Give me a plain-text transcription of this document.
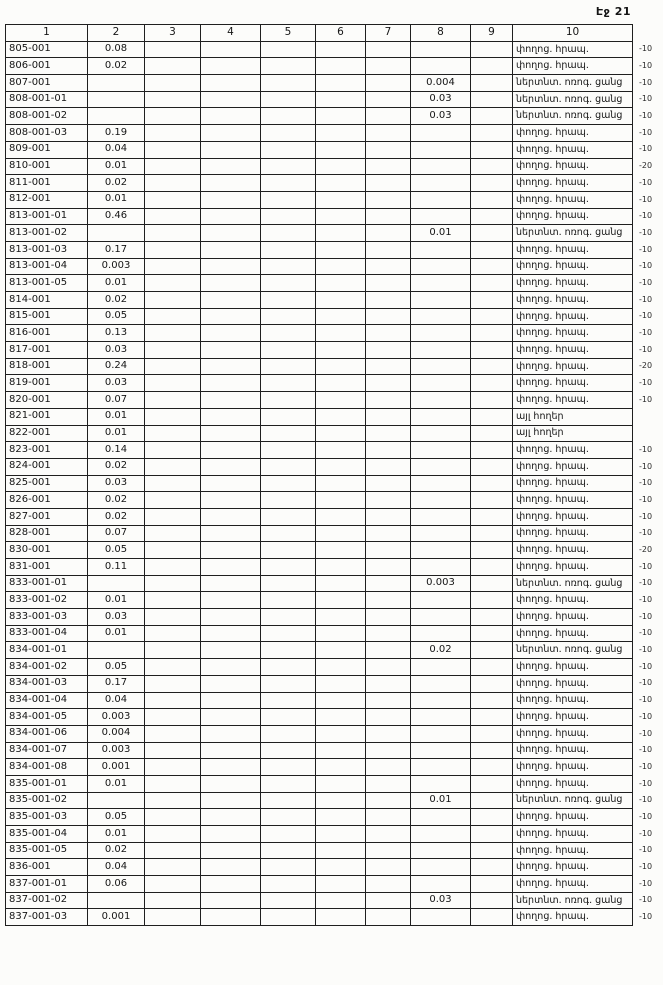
Էջ 21
1	2	3	4	5	6	7	8	9	10	
805-001	0.08								փողոց. հրապ.	-10
806-001	0.02								փողոց. հրապ.	-10
807-001							0.004		ներտնտ. ոռոգ. ցանց	-10
808-001-01							0.03		ներտնտ. ոռոգ. ցանց	-10
808-001-02							0.03		ներտնտ. ոռոգ. ցանց	-10
808-001-03	0.19								փողոց. հրապ.	-10
809-001	0.04								փողոց. հրապ.	-10
810-001	0.01								փողոց. հրապ.	-20
811-001	0.02								փողոց. հրապ.	-10
812-001	0.01								փողոց. հրապ.	-10
813-001-01	0.46								փողոց. հրապ.	-10
813-001-02							0.01		ներտնտ. ոռոգ. ցանց	-10
813-001-03	0.17								փողոց. հրապ.	-10
813-001-04	0.003								փողոց. հրապ.	-10
813-001-05	0.01								փողոց. հրապ.	-10
814-001	0.02								փողոց. հրապ.	-10
815-001	0.05								փողոց. հրապ.	-10
816-001	0.13								փողոց. հրապ.	-10
817-001	0.03								փողոց. հրապ.	-10
818-001	0.24								փողոց. հրապ.	-20
819-001	0.03								փողոց. հրապ.	-10
820-001	0.07								փողոց. հրապ.	-10
821-001	0.01								այլ հողեր	
822-001	0.01								այլ հողեր	
823-001	0.14								փողոց. հրապ.	-10
824-001	0.02								փողոց. հրապ.	-10
825-001	0.03								փողոց. հրապ.	-10
826-001	0.02								փողոց. հրապ.	-10
827-001	0.02								փողոց. հրապ.	-10
828-001	0.07								փողոց. հրապ.	-10
830-001	0.05								փողոց. հրապ.	-20
831-001	0.11								փողոց. հրապ.	-10
833-001-01							0.003		ներտնտ. ոռոգ. ցանց	-10
833-001-02	0.01								փողոց. հրապ.	-10
833-001-03	0.03								փողոց. հրապ.	-10
833-001-04	0.01								փողոց. հրապ.	-10
834-001-01							0.02		ներտնտ. ոռոգ. ցանց	-10
834-001-02	0.05								փողոց. հրապ.	-10
834-001-03	0.17								փողոց. հրապ.	-10
834-001-04	0.04								փողոց. հրապ.	-10
834-001-05	0.003								փողոց. հրապ.	-10
834-001-06	0.004								փողոց. հրապ.	-10
834-001-07	0.003								փողոց. հրապ.	-10
834-001-08	0.001								փողոց. հրապ.	-10
835-001-01	0.01								փողոց. հրապ.	-10
835-001-02							0.01		ներտնտ. ոռոգ. ցանց	-10
835-001-03	0.05								փողոց. հրապ.	-10
835-001-04	0.01								փողոց. հրապ.	-10
835-001-05	0.02								փողոց. հրապ.	-10
836-001	0.04								փողոց. հրապ.	-10
837-001-01	0.06								փողոց. հրապ.	-10
837-001-02							0.03		ներտնտ. ոռոգ. ցանց	-10
837-001-03	0.001								փողոց. հրապ.	-10
